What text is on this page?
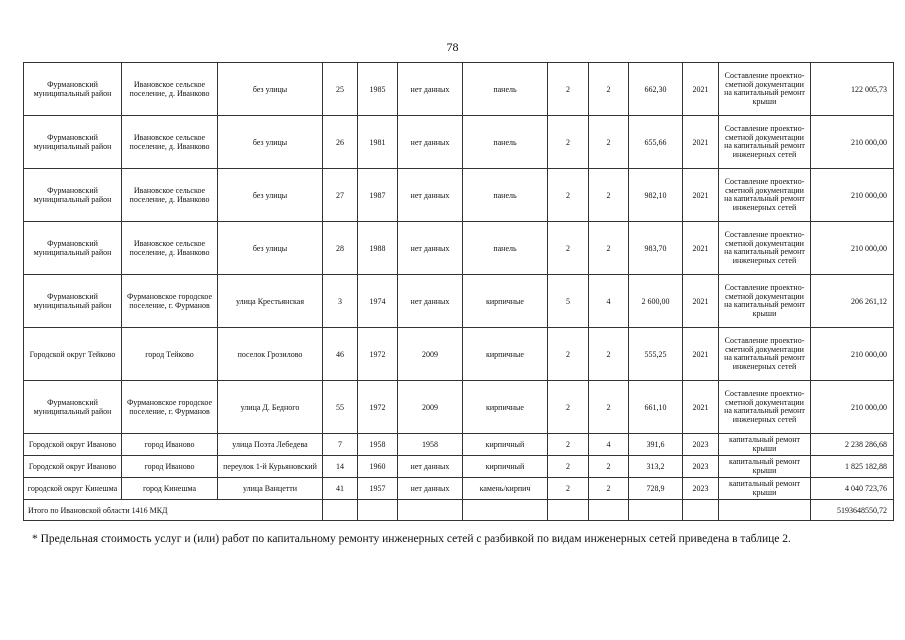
78
Фурмановский муниципальный район	Ивановское сельское поселение, д. Иванково	без улицы	25	1985	нет данных	панель	2	2	662,30	2021	Составление проектно-сметной документации на капитальный ремонт крыши	122 005,73
Фурмановский муниципальный район	Ивановское сельское поселение, д. Иванково	без улицы	26	1981	нет данных	панель	2	2	655,66	2021	Составление проектно-сметной документации на капитальный ремонт инженерных сетей	210 000,00
Фурмановский муниципальный район	Ивановское сельское поселение, д. Иванково	без улицы	27	1987	нет данных	панель	2	2	982,10	2021	Составление проектно-сметной документации на капитальный ремонт инженерных сетей	210 000,00
Фурмановский муниципальный район	Ивановское сельское поселение, д. Иванково	без улицы	28	1988	нет данных	панель	2	2	983,70	2021	Составление проектно-сметной документации на капитальный ремонт инженерных сетей	210 000,00
Фурмановский муниципальный район	Фурмановское городское поселение, г. Фурманов	улица Крестьянская	3	1974	нет данных	кирпичные	5	4	2 600,00	2021	Составление проектно-сметной документации на капитальный ремонт крыши	206 261,12
Городской округ Тейково	город Тейково	поселок Грозилово	46	1972	2009	кирпичные	2	2	555,25	2021	Составление проектно-сметной документации на капитальный ремонт инженерных сетей	210 000,00
Фурмановский муниципальный район	Фурмановское городское поселение, г. Фурманов	улица Д. Бедного	55	1972	2009	кирпичные	2	2	661,10	2021	Составление проектно-сметной документации на капитальный ремонт инженерных сетей	210 000,00
Городской округ Иваново	город Иваново	улица Поэта Лебедева	7	1958	1958	кирпичный	2	4	391,6	2023	капитальный ремонт крыши	2 238 286,68
Городской округ Иваново	город Иваново	переулок 1-й Курьяновский	14	1960	нет данных	кирпичный	2	2	313,2	2023	капитальный ремонт крыши	1 825 182,88
городской округ Кинешма	город Кинешма	улица Ванцетти	41	1957	нет данных	камень/кирпич	2	2	728,9	2023	капитальный ремонт крыши	4 040 723,76
Итого по Ивановской области 1416 МКД												5193648550,72
* Предельная стоимость услуг и (или) работ по капитальному ремонту инженерных сетей с разбивкой по видам инженерных сетей приведена в таблице 2.
